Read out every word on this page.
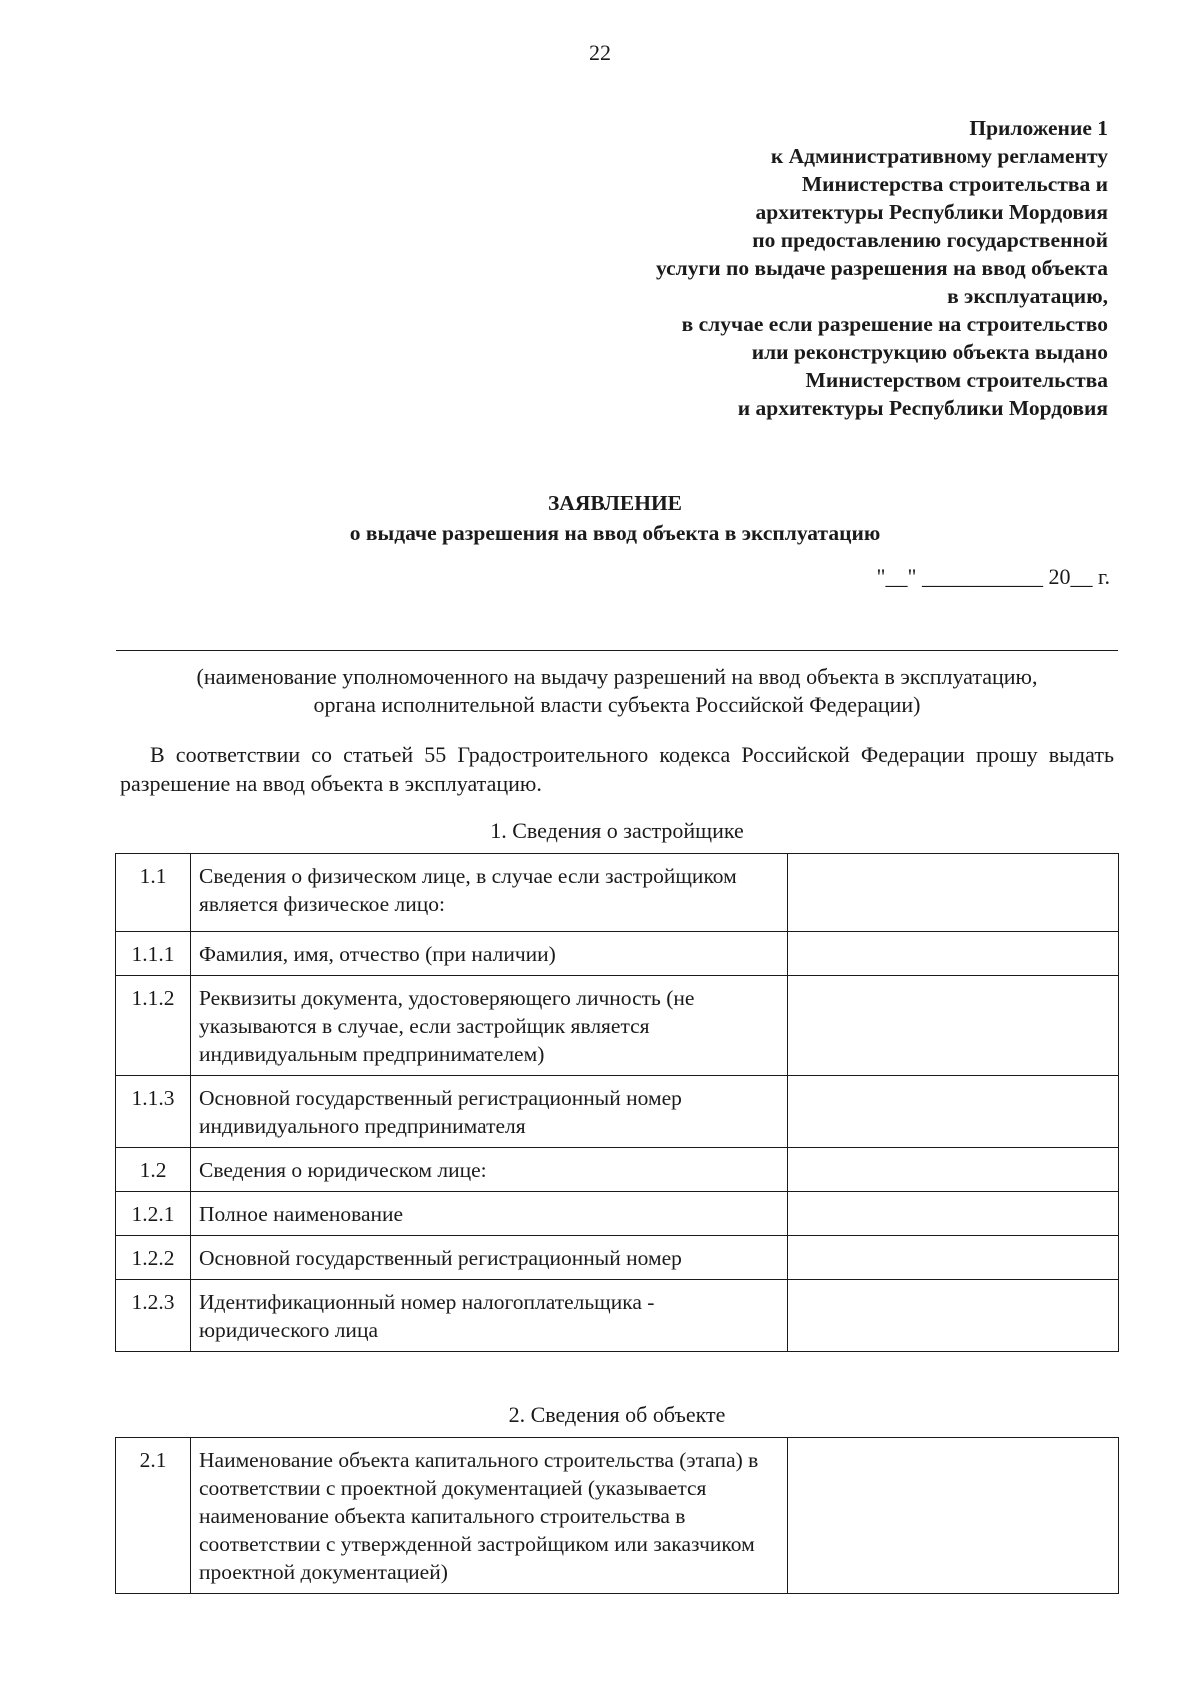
22
Приложение 1
к Административному регламенту
Министерства строительства и
архитектуры Республики Мордовия
по предоставлению государственной
услуги по выдаче разрешения на ввод объекта
в эксплуатацию,
в случае если разрешение на строительство
или реконструкцию объекта выдано
Министерством строительства
и архитектуры Республики Мордовия
ЗАЯВЛЕНИЕ
о выдаче разрешения на ввод объекта в эксплуатацию
"__" ___________ 20__ г.
(наименование уполномоченного на выдачу разрешений на ввод объекта в эксплуатацию,
органа исполнительной власти субъекта Российской Федерации)
В соответствии со статьей 55 Градостроительного кодекса Российской Федерации прошу выдать разрешение на ввод объекта в эксплуатацию.
1. Сведения о застройщике
1.1	Сведения о физическом лице, в случае если застройщиком является физическое лицо:	
1.1.1	Фамилия, имя, отчество (при наличии)	
1.1.2	Реквизиты документа, удостоверяющего личность (не указываются в случае, если застройщик является индивидуальным предпринимателем)	
1.1.3	Основной государственный регистрационный номер индивидуального предпринимателя	
1.2	Сведения о юридическом лице:	
1.2.1	Полное наименование	
1.2.2	Основной государственный регистрационный номер	
1.2.3	Идентификационный номер налогоплательщика - юридического лица	
2. Сведения об объекте
2.1	Наименование объекта капитального строительства (этапа) в соответствии с проектной документацией (указывается наименование объекта капитального строительства в соответствии с утвержденной застройщиком или заказчиком проектной документацией)	
